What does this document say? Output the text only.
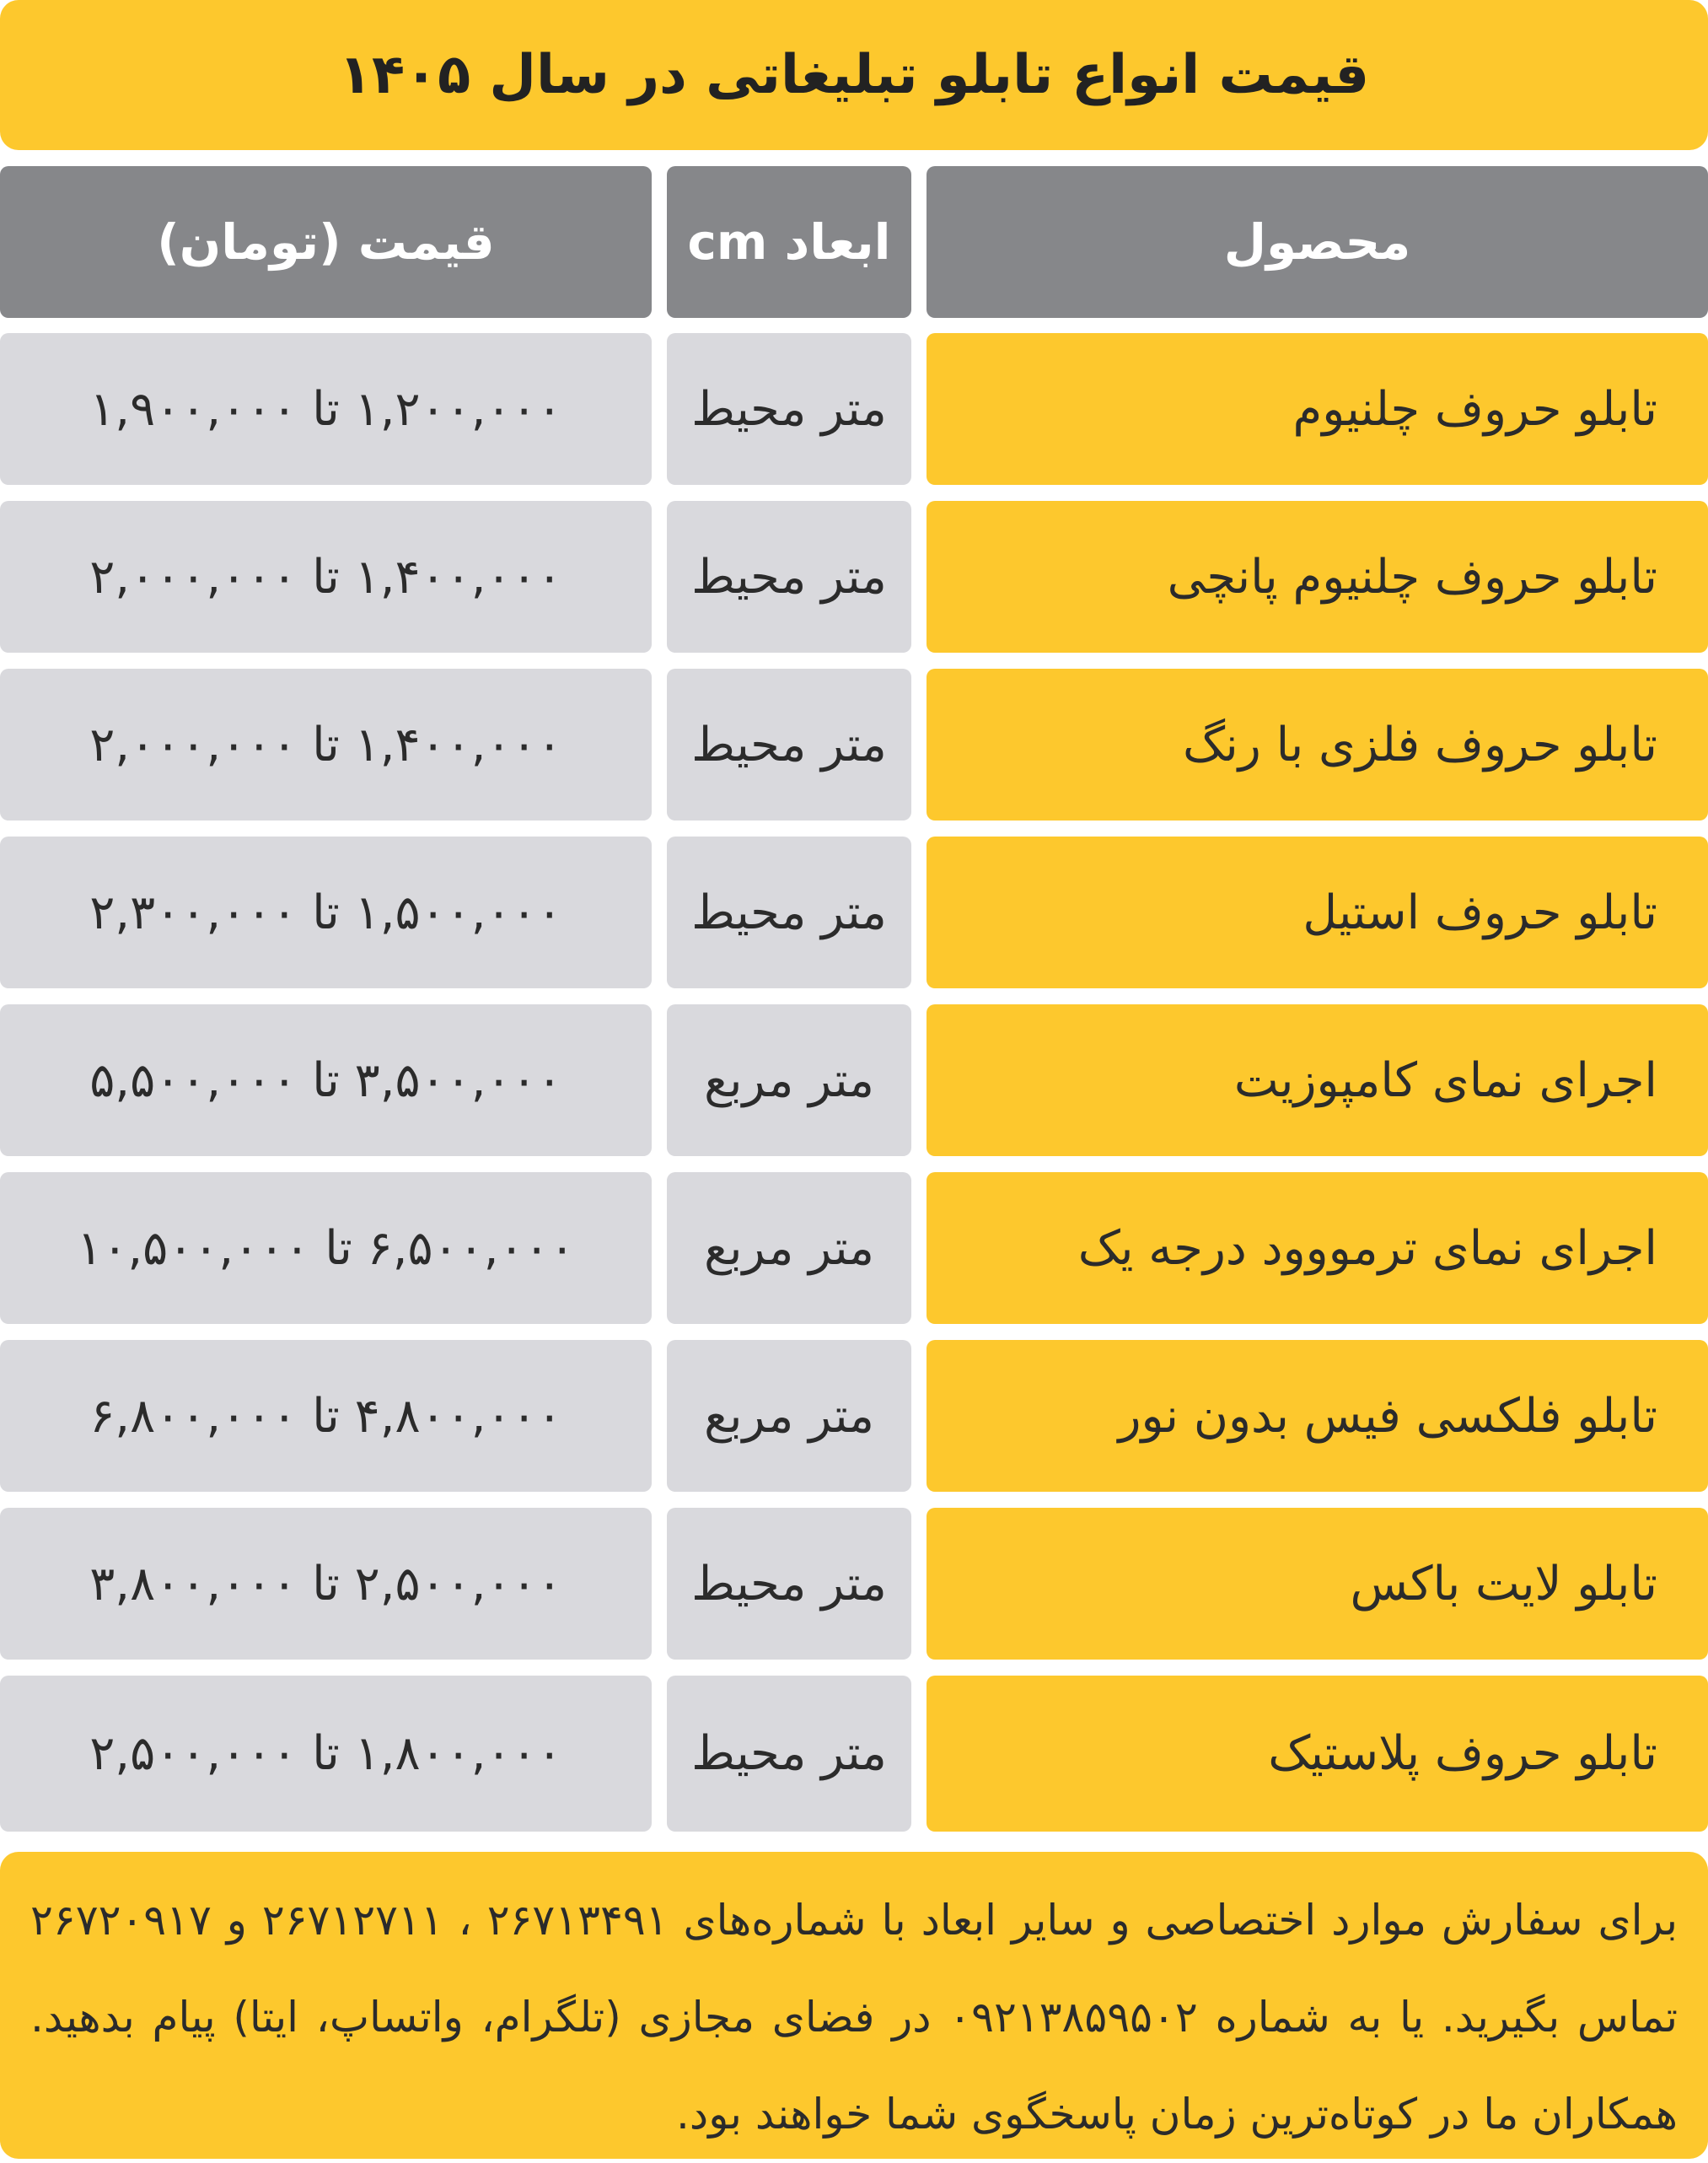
قیمت انواع تابلو تبلیغاتی در سال ۱۴۰۵
محصول
ابعاد cm
قیمت (تومان)
تابلو حروف چلنیوم
متر محیط
۱,۲۰۰,۰۰۰ تا ۱,۹۰۰,۰۰۰
تابلو حروف چلنیوم پانچی
متر محیط
۱,۴۰۰,۰۰۰ تا ۲,۰۰۰,۰۰۰
تابلو حروف فلزی با رنگ
متر محیط
۱,۴۰۰,۰۰۰ تا ۲,۰۰۰,۰۰۰
تابلو حروف استیل
متر محیط
۱,۵۰۰,۰۰۰ تا ۲,۳۰۰,۰۰۰
اجرای نمای کامپوزیت
متر مربع
۳,۵۰۰,۰۰۰ تا ۵,۵۰۰,۰۰۰
اجرای نمای ترمووود درجه یک
متر مربع
۶,۵۰۰,۰۰۰ تا ۱۰,۵۰۰,۰۰۰
تابلو فلکسی فیس بدون نور
متر مربع
۴,۸۰۰,۰۰۰ تا ۶,۸۰۰,۰۰۰
تابلو لایت باکس
متر محیط
۲,۵۰۰,۰۰۰ تا ۳,۸۰۰,۰۰۰
تابلو حروف پلاستیک
متر محیط
۱,۸۰۰,۰۰۰ تا ۲,۵۰۰,۰۰۰
برای سفارش موارد اختصاصی و سایر ابعاد با شماره‌های ۲۶۷۱۳۴۹۱ ، ۲۶۷۱۲۷۱۱ و ۲۶۷۲۰۹۱۷ تماس بگیرید. یا به شماره ۰۹۲۱۳۸۵۹۵۰۲ در فضای مجازی (تلگرام، واتساپ، ایتا) پیام بدهید. همکاران ما در کوتاه‌ترین زمان پاسخگوی شما خواهند بود.
